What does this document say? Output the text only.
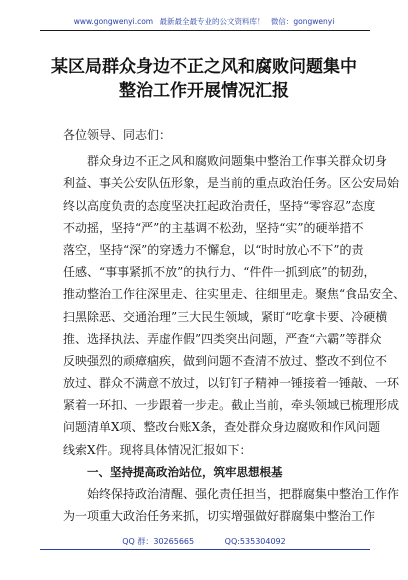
www.gongwenyi.com 最新最全最专业的公文资料库！ 微信：gongwenyi
某区局群众身边不正之风和腐败问题集中
整治工作开展情况汇报
各位领导、同志们：
群众身边不正之风和腐败问题集中整治工作事关群众切身
利益、事关公安队伍形象，是当前的重点政治任务。区公安局始
终以高度负责的态度坚决扛起政治责任，坚持“零容忍”态度
不动摇，坚持“严”的主基调不松劲，坚持“实”的硬举措不
落空，坚持“深”的穿透力不懈怠，以“时时放心不下”的责
任感、“事事紧抓不放”的执行力、“件件一抓到底”的韧劲，
推动整治工作往深里走、往实里走、往细里走。聚焦“食品安全、
扫黑除恶、交通治理”三大民生领域，紧盯“吃拿卡要、冷硬横
推、选择执法、弄虚作假”四类突出问题，严查“六霸”等群众
反映强烈的顽瘴痼疾，做到问题不查清不放过、整改不到位不
放过、群众不满意不放过，以钉钉子精神一锤接着一锤敲、一环
紧着一环扣、一步跟着一步走。截止当前，牵头领域已梳理形成
问题清单X项、整改台账X条，查处群众身边腐败和作风问题
线索X件。现将具体情况汇报如下：
一、坚持提高政治站位，筑牢思想根基
始终保持政治清醒、强化责任担当，把群腐集中整治工作作
为一项重大政治任务来抓，切实增强做好群腐集中整治工作
QQ 群：30265665	QQ:535304092
